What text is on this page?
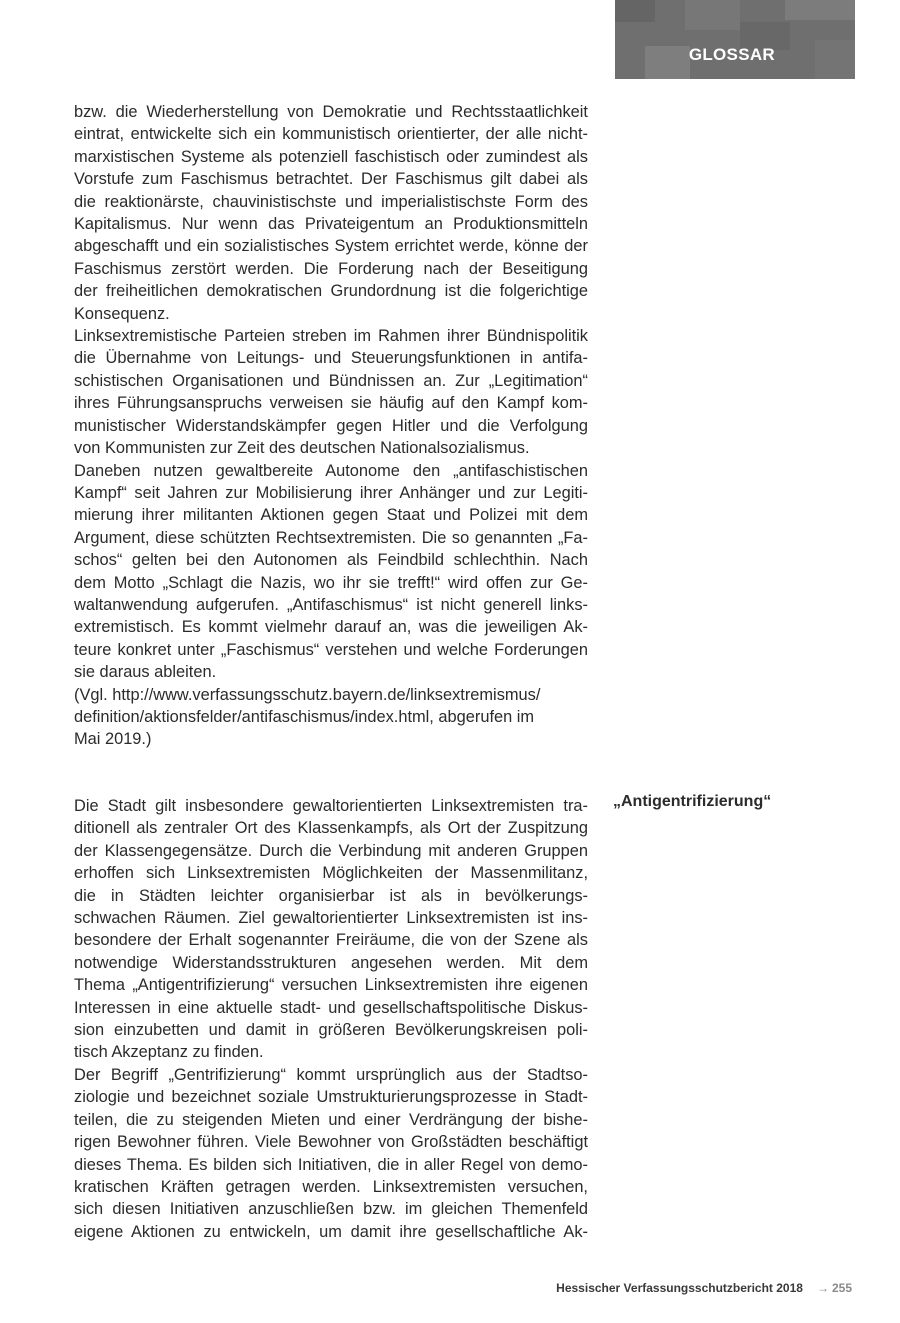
GLOSSAR
bzw. die Wiederherstellung von Demokratie und Rechtsstaatlichkeit
eintrat, entwickelte sich ein kommunistisch orientierter, der alle nicht-
marxistischen Systeme als potenziell faschistisch oder zumindest als
Vorstufe zum Faschismus betrachtet. Der Faschismus gilt dabei als
die reaktionärste, chauvinistischste und imperialistischste Form des
Kapitalismus. Nur wenn das Privateigentum an Produktionsmitteln
abgeschafft und ein sozialistisches System errichtet werde, könne der
Faschismus zerstört werden. Die Forderung nach der Beseitigung
der freiheitlichen demokratischen Grundordnung ist die folgerichtige
Konsequenz.
Linksextremistische Parteien streben im Rahmen ihrer Bündnispolitik
die Übernahme von Leitungs- und Steuerungsfunktionen in antifa-
schistischen Organisationen und Bündnissen an. Zur „Legitimation“
ihres Führungsanspruchs verweisen sie häufig auf den Kampf kom-
munistischer Widerstandskämpfer gegen Hitler und die Verfolgung
von Kommunisten zur Zeit des deutschen Nationalsozialismus.
Daneben nutzen gewaltbereite Autonome den „antifaschistischen
Kampf“ seit Jahren zur Mobilisierung ihrer Anhänger und zur Legiti-
mierung ihrer militanten Aktionen gegen Staat und Polizei mit dem
Argument, diese schützten Rechtsextremisten. Die so genannten „Fa-
schos“ gelten bei den Autonomen als Feindbild schlechthin. Nach
dem Motto „Schlagt die Nazis, wo ihr sie trefft!“ wird offen zur Ge-
waltanwendung aufgerufen. „Antifaschismus“ ist nicht generell links-
extremistisch. Es kommt vielmehr darauf an, was die jeweiligen Ak-
teure konkret unter „Faschismus“ verstehen und welche Forderungen
sie daraus ableiten.
(Vgl. http://www.verfassungsschutz.bayern.de/linksextremismus/
definition/aktionsfelder/antifaschismus/index.html, abgerufen im
Mai 2019.)
„Antigentrifizierung“
Die Stadt gilt insbesondere gewaltorientierten Linksextremisten tra-
ditionell als zentraler Ort des Klassenkampfs, als Ort der Zuspitzung
der Klassengegensätze. Durch die Verbindung mit anderen Gruppen
erhoffen sich Linksextremisten Möglichkeiten der Massenmilitanz,
die in Städten leichter organisierbar ist als in bevölkerungs-
schwachen Räumen. Ziel gewaltorientierter Linksextremisten ist ins-
besondere der Erhalt sogenannter Freiräume, die von der Szene als
notwendige Widerstandsstrukturen angesehen werden. Mit dem
Thema „Antigentrifizierung“ versuchen Linksextremisten ihre eigenen
Interessen in eine aktuelle stadt- und gesellschaftspolitische Diskus-
sion einzubetten und damit in größeren Bevölkerungskreisen poli-
tisch Akzeptanz zu finden.
Der Begriff „Gentrifizierung“ kommt ursprünglich aus der Stadtso-
ziologie und bezeichnet soziale Umstrukturierungsprozesse in Stadt-
teilen, die zu steigenden Mieten und einer Verdrängung der bishe-
rigen Bewohner führen. Viele Bewohner von Großstädten beschäftigt
dieses Thema. Es bilden sich Initiativen, die in aller Regel von demo-
kratischen Kräften getragen werden. Linksextremisten versuchen,
sich diesen Initiativen anzuschließen bzw. im gleichen Themenfeld
eigene Aktionen zu entwickeln, um damit ihre gesellschaftliche Ak-
Hessischer Verfassungsschutzbericht 2018 → 255
